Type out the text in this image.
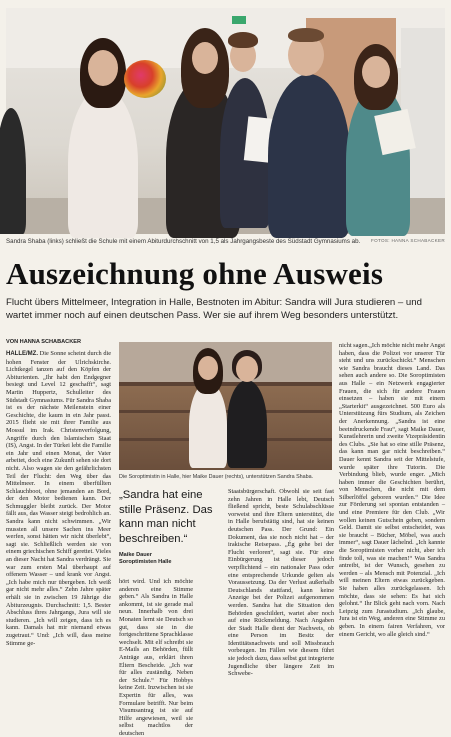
Sandra Shaba (links) schließt die Schule mit einem Abiturdurchschnitt von 1,5 als Jahrgangsbeste des Südstadt Gymnasiums ab. FOTOS: HANNA SCHABACKER
Auszeichnung ohne Ausweis
Flucht übers Mittelmeer, Integration in Halle, Bestnoten im Abitur: Sandra will Jura studieren – und wartet immer noch auf einen deutschen Pass. Wer sie auf ihrem Weg besonders unterstützt.
VON HANNA SCHABACKER
HALLE/MZ. Die Sonne scheint durch die hohen Fenster der Ulrichskirche. Lichtkegel tanzen auf den Köpfen der Abiturienten. „Ihr habt den Endgegner besiegt und Level 12 geschafft“, sagt Martin Huppertz, Schulleiter des Südstadt Gymnasiums. Für Sandra Shaba ist es der nächste Meilenstein einer Geschichte, die kaum in ein Jahr passt. 2015 flieht sie mit ihrer Familie aus Mossul im Irak. Christenverfolgung, Angriffe durch den Islamischen Staat (IS), Angst. In der Türkei lebt die Familie ein Jahr und einen Monat, der Vater arbeitet, doch eine Zukunft sehen sie dort nicht. Also wagen sie den gefährlichsten Teil der Flucht: den Weg über das Mittelmeer. In einem überfüllten Schlauchboot, ohne jemanden an Bord, der den Motor bedienen kann. Der Schmuggler bleibt zurück. Der Motor fällt aus, das Wasser steigt bedrohlich an. Sandra kann nicht schwimmen. „Wir mussten all unsere Sachen ins Meer werfen, sonst hätten wir nicht überlebt“, sagt sie. Schließlich werden sie von einem griechischen Schiff gerettet. Vieles an dieser Nacht hat Sandra verdrängt. Sie war zum ersten Mal überhaupt auf offenem Wasser – und krank vor Angst. „Ich habe mich nur übergeben. Ich weiß gar nicht mehr alles.“ Zehn Jahre später erhält sie in zwischen 19 Jährige die Abiturzeugnis. Durchschnitt: 1,5. Bester Abschluss ihres Jahrgangs, Jura will sie studieren. „Ich will zeigen, dass ich es kann. Damals hat mir niemand etwas zugetraut.“ Und: „Ich will, dass meine Stimme ge-
Die Soroptimistin in Halle, hier Maike Dauer (rechts), unterstützen Sandra Shaba.
„Sandra hat eine stille Präsenz. Das kann man nicht beschreiben.“
Maike Dauer
Soroptimisten Halle
hört wird. Und ich möchte anderen eine Stimme geben.“ Als Sandra in Halle ankommt, ist sie gerade mal neun. Innerhalb von drei Monaten lernt sie Deutsch so gut, dass sie in die fortgeschrittene Sprachklasse wechselt. Mit elf schreibt sie E-Mails an Behörden, füllt Anträge aus, erklärt ihren Eltern Bescheide. „Ich war für alles zuständig. Neben der Schule.“ Für Hobbys keine Zeit. Inzwischen ist sie Expertin für alles, was Formulare betrifft. Nur beim Visumsantrag ist sie auf Hilfe angewiesen, weil sie selbst machtlos der deutschen
Staatsbürgerschaft. Obwohl sie seit fast zehn Jahren in Halle lebt, Deutsch fließend spricht, beste Schulabschlüsse vorweist und ihre Eltern unterstützt, die in Halle berufstätig sind, hat sie keinen deutschen Pass. Der Grund: Ein Dokument, das sie noch nicht hat – der irakische Reisepass. „Ég gehe bei der Flucht verloren“, sagt sie. Für eine Einbürgerung ist dieser jedoch verpflichtend – ein nationaler Pass oder eine entsprechende Urkunde gelten als Voraussetzung. Da der Verlust außerhalb Deutschlands stattfand, kann keine Anzeige bei der Polizei aufgenommen werden. Sandra hat die Situation den Behörden geschildert, wartet aber noch auf eine Rückmeldung. Nach Angaben der Stadt Halle dient der Nachweis, ob eine Person im Besitz der Identitätsnachweis und soll Missbrauch vorbeugen. Im Fällen wie diesem führt sie jedoch dazu, dass selbst gut integrierte Jugendliche über längere Zeit im Schwebe-
nicht sagen.„Ich möchte nicht mehr Angst haben, dass die Polizei vor unserer Tür steht und uns zurückschickt.“ Menschen wie Sandra braucht dieses Land. Das sehen auch andere so. Die Soroptimisten aus Halle – ein Netzwerk engagierter Frauen, die sich für andere Frauen einsetzen – haben sie mit einem „Starterkit“ ausgezeichnet. 500 Euro als Unterstützung fürs Studium, als Zeichen der Anerkennung. „Sandra ist eine beeindruckende Frau“, sagt Maike Dauer, Kunstlehrerin und zweite Vizepräsidentin des Clubs. „Sie hat so eine stille Präsenz, das kann man gar nicht beschreiben.“ Dauer kennt Sandra seit der Mittelstufe, wurde später ihre Tutorin. Die Verbindung blieb, wurde enger. „Mich haben immer die Geschichten berührt, von Menschen, die nicht mit dem Silberlöffel geboren wurden.“ Die Idee zur Förderung sei spontan entstanden – und eine Premiere für den Club. „Wir wollen keinen Gutschein geben, sondern Geld. Damit sie selbst entscheidet, was sie braucht – Bücher, Möbel, was auch immer“, sagt Dauer lächelnd. „Ich kannte die Soroptimisten vorher nicht, aber ich finde toll, was sie machen!“ Was Sandra antreibt, ist der Wunsch, gesehen zu werden – als Mensch mit Potenzial. „Ich will meinen Eltern etwas zurückgeben. Sie haben alles zurückgelassen. Ich möchte, dass sie sehen: Es hat sich gelohnt.“ Ihr Blick geht nach vorn. Nach Leipzig zum Jurastudium. „Ich glaube, Jura ist ein Weg, anderen eine Stimme zu geben. In einem fairen Verfahren, vor einem Gericht, wo alle gleich sind.“
